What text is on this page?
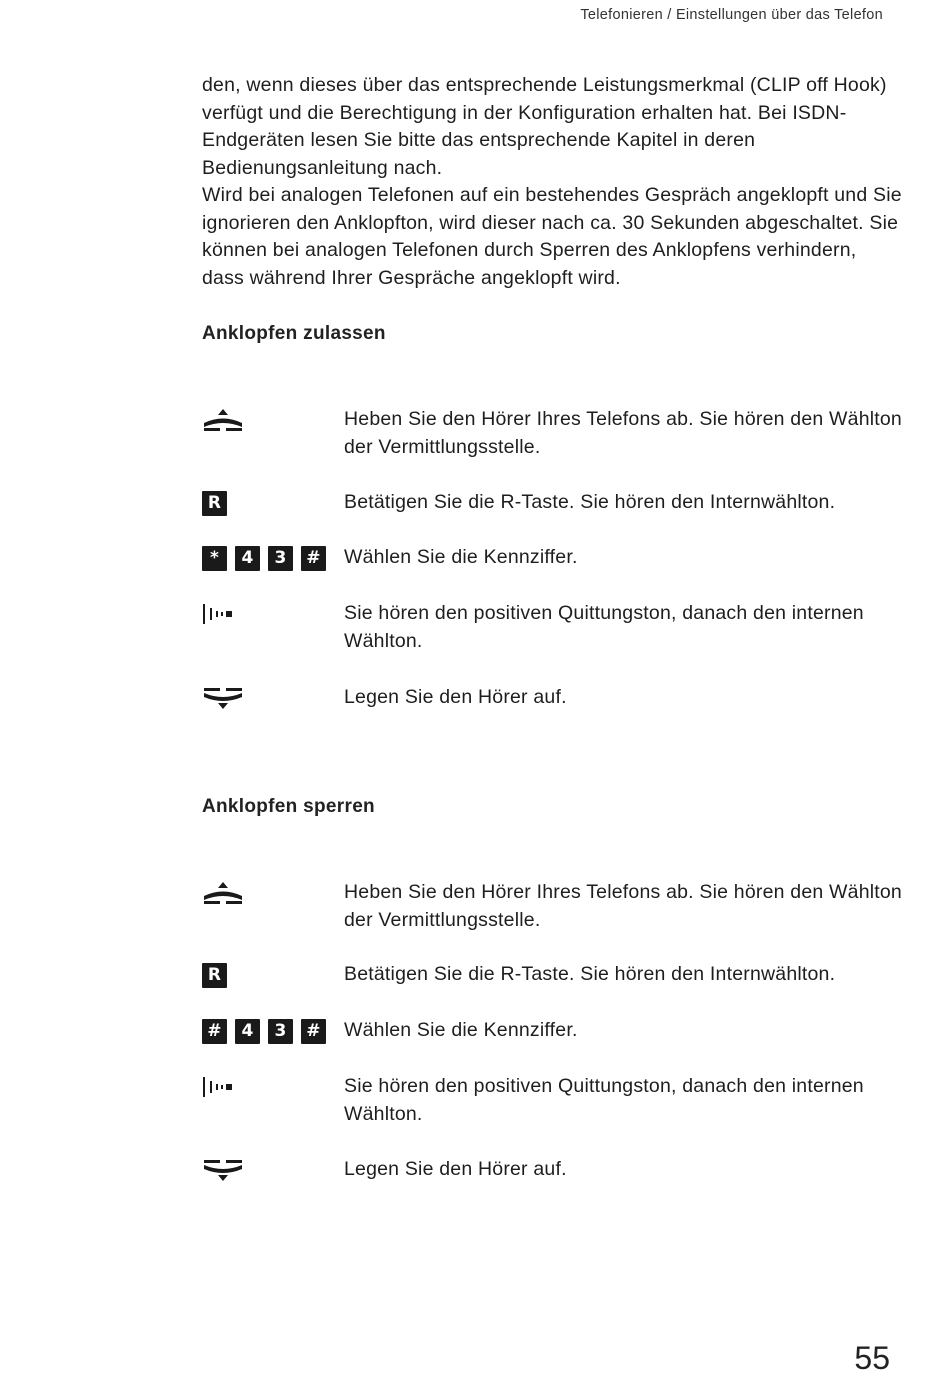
Telefonieren / Einstellungen über das Telefon

den, wenn dieses über das entsprechende Leistungsmerkmal (CLIP off Hook) verfügt und die Berechtigung in der Konfiguration erhalten hat. Bei ISDN-Endgeräten lesen Sie bitte das entsprechende Kapitel in deren Bedienungsanleitung nach.

Wird bei analogen Telefonen auf ein bestehendes Gespräch angeklopft und Sie ignorieren den Anklopfton, wird dieser nach ca. 30 Sekunden abgeschaltet. Sie können bei analogen Telefonen durch Sperren des Anklopfens verhindern, dass während Ihrer Gespräche angeklopft wird.

Anklopfen zulassen
Heben Sie den Hörer Ihres Telefons ab. Sie hören den Wählton der Vermittlungsstelle.
R	Betätigen Sie die R-Taste. Sie hören den Internwählton.
*	4	3	# Wählen Sie die Kennziffer.
Sie hören den positiven Quittungston, danach den internen Wählton.
Legen Sie den Hörer auf.
Anklopfen sperren
Heben Sie den Hörer Ihres Telefons ab. Sie hören den Wählton der Vermittlungsstelle.
R	Betätigen Sie die R-Taste. Sie hören den Internwählton.
#	4	3	# Wählen Sie die Kennziffer.
Sie hören den positiven Quittungston, danach den internen Wählton.
Legen Sie den Hörer auf.
55
